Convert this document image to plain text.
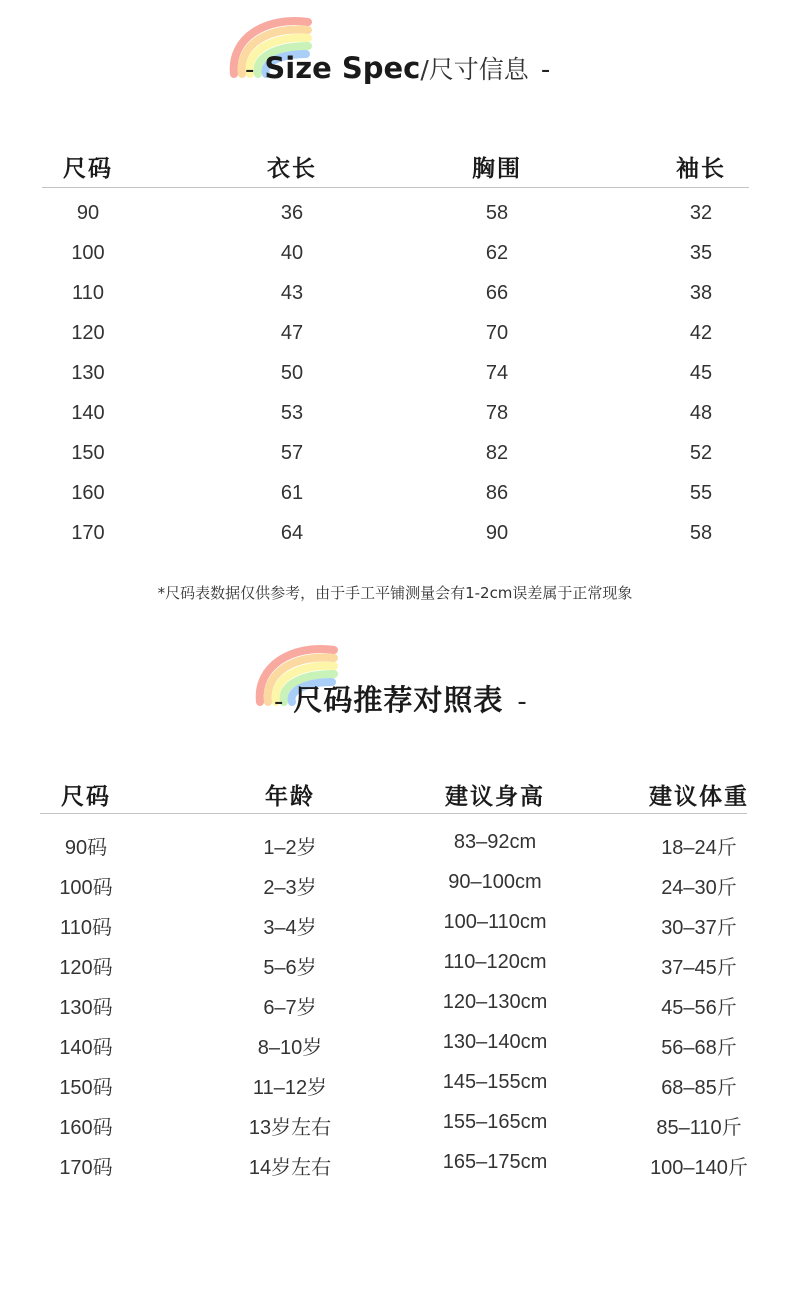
- Size Spec /尺寸信息 -
尺码	衣长	胸围	袖长
90	36	58	32
100	40	62	35
110	43	66	38
120	47	70	42
130	50	74	45
140	53	78	48
150	57	82	52
160	61	86	55
170	64	90	58
*尺码表数据仅供参考，由于手工平铺测量会有1-2cm误差属于正常现象
- 尺码推荐对照表 -
尺码	年龄	建议身高	建议体重
90码	1–2岁	83–92cm	18–24斤
100码	2–3岁	90–100cm	24–30斤
110码	3–4岁	100–110cm	30–37斤
120码	5–6岁	110–120cm	37–45斤
130码	6–7岁	120–130cm	45–56斤
140码	8–10岁	130–140cm	56–68斤
150码	11–12岁	145–155cm	68–85斤
160码	13岁左右	155–165cm	85–110斤
170码	14岁左右	165–175cm	100–140斤
